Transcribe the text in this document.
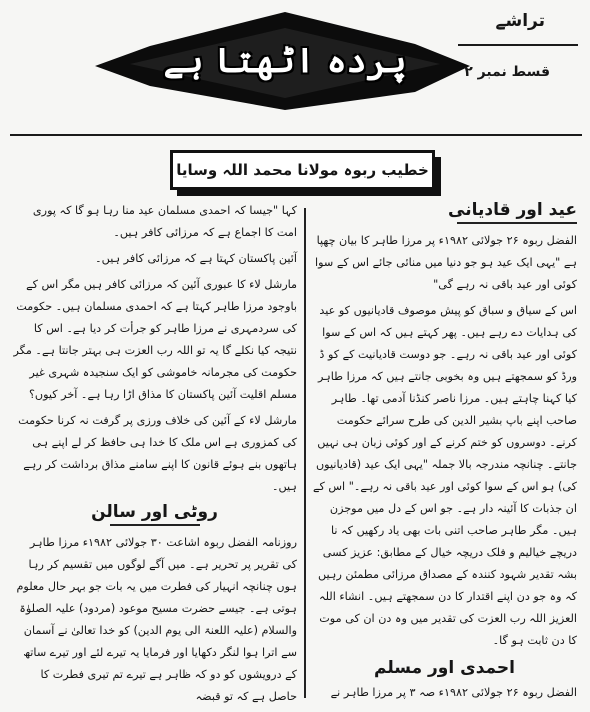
پردہ اٹھتا ہے
تراشے
قسط نمبر ۲
خطیب ربوہ مولانا محمد اللہ وسایا
عید اور قادیانی

الفضل ربوہ ۲۶ جولائی ۱۹۸۲ء پر مرزا طاہر کا بیان چھپا ہے "یہی ایک عید ہو جو دنیا میں منائی جائے اس کے سوا کوئی اور عید باقی نہ رہے گی"

اس کے سیاق و سباق کو پیش موصوف قادیانیوں کو عید کی ہدایات دے رہے ہیں۔ پھر کہتے ہیں کہ اس کے سوا کوئی اور عید باقی نہ رہے۔ جو دوست قادیانیت کے کو ڈ ورڈ کو سمجھتے ہیں وہ بخوبی جانتے ہیں کہ مرزا طاہر کیا کہنا چاہتے ہیں۔ مرزا ناصر کنڈنا آدمی تھا۔ طاہر صاحب اپنے باپ بشیر الدین کی طرح سرائے حکومت کرنے۔ دوسروں کو ختم کرنے کے اور کوئی زبان ہی نہیں جانتے۔ چنانچہ مندرجہ بالا جملہ "یہی ایک عید (قادیانیوں کی) ہو اس کے سوا کوئی اور عید باقی نہ رہے۔" اس کے ان جذبات کا آئینہ دار ہے۔ جو اس کے دل میں موجزن ہیں۔ مگر طاہر صاحب اتنی بات بھی یاد رکھیں کہ نا دریچے خیالیم و فلک دریچہ خیال کے مطابق: عزیز کسی بشہ تقدیر شہود کنندہ کے مصداق مرزائی مطمئن رہیں کہ وہ جو دن اپنے اقتدار کا دن سمجھتے ہیں۔ انشاء اللہ العزیز اللہ رب العزت کی تقدیر میں وہ دن ان کی موت کا دن ثابت ہو گا۔

احمدی اور مسلم
الفضل ربوہ ۲۶ جولائی ۱۹۸۲ء صہ ۳ پر مرزا طاہر نے

کہا "جیسا کہ احمدی مسلمان عید منا رہا ہو گا کہ پوری امت کا اجماع ہے کہ مرزائی کافر ہیں۔

آئین پاکستان کہتا ہے کہ مرزائی کافر ہیں۔

مارشل لاء کا عبوری آئین کہ مرزائی کافر ہیں مگر اس کے باوجود مرزا طاہر کہتا ہے کہ احمدی مسلمان ہیں۔ حکومت کی سردمہری نے مرزا طاہر کو جرأت کر دیا ہے۔ اس کا نتیجہ کیا نکلے گا یہ تو اللہ رب العزت ہی بہتر جانتا ہے۔ مگر حکومت کی مجرمانہ خاموشی کو ایک سنجیدہ شہری غیر مسلم اقلیت آئین پاکستان کا مذاق اڑا رہا ہے۔ آخر کیوں؟

مارشل لاء کے آئین کی خلاف ورزی پر گرفت نہ کرنا حکومت کی کمزوری ہے اس ملک کا خدا ہی حافظ کر لے اپنے ہی ہاتھوں بنے ہوئے قانون کا اپنے سامنے مذاق برداشت کر رہے ہیں۔

روٹی اور سالن

روزنامہ الفضل ربوہ اشاعت ۳۰ جولائی ۱۹۸۲ء مرزا طاہر کی تقریر پر تحریر ہے۔ میں آگے لوگوں میں تقسیم کر رہا ہوں چنانچہ انہیار کی فطرت میں یہ بات جو بہر حال معلوم ہوتی ہے۔ جیسے حضرت مسیح موعود (مردود) علیہ الصلوٰۃ والسلام (علیہ اللعنۃ الی یوم الدین) کو خدا تعالیٰ نے آسمان سے اترا ہوا لنگر دکھایا اور فرمایا یہ تیرے لئے اور تیرے ساتھ کے درویشوں کو دو کہ ظاہر ہے تیرے تم تیری فطرت کا حاصل ہے کہ تو قبضہ
